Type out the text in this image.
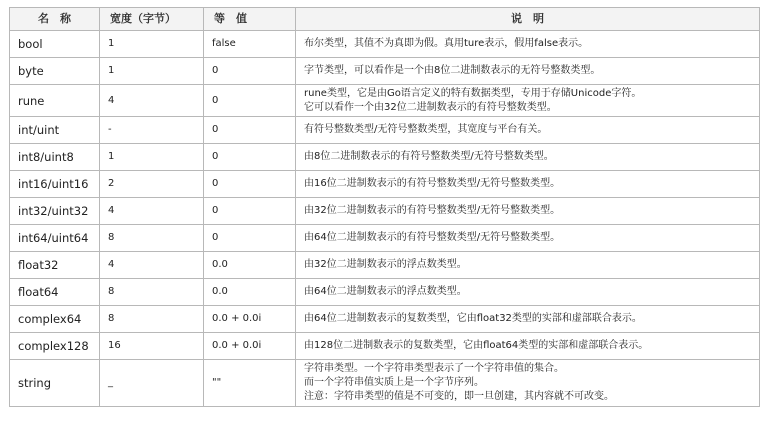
名　称	宽度（字节）	等　值	说　明
bool	1	false	布尔类型，其值不为真即为假。真用ture表示，假用false表示。

byte	1	0	字节类型，可以看作是一个由8位二进制数表示的无符号整数类型。

rune	4	0	rune类型，它是由Go语言定义的特有数据类型，专用于存储Unicode字符。
它可以看作一个由32位二进制数表示的有符号整数类型。

int/uint	-	0	有符号整数类型/无符号整数类型，其宽度与平台有关。

int8/uint8	1	0	由8位二进制数表示的有符号整数类型/无符号整数类型。

int16/uint16	2	0	由16位二进制数表示的有符号整数类型/无符号整数类型。

int32/uint32	4	0	由32位二进制数表示的有符号整数类型/无符号整数类型。

int64/uint64	8	0	由64位二进制数表示的有符号整数类型/无符号整数类型。

float32	4	0.0	由32位二进制数表示的浮点数类型。

float64	8	0.0	由64位二进制数表示的浮点数类型。

complex64	8	0.0 + 0.0i	由64位二进制数表示的复数类型，它由float32类型的实部和虚部联合表示。

complex128	16	0.0 + 0.0i	由128位二进制数表示的复数类型，它由float64类型的实部和虚部联合表示。

string	_	""	字符串类型。一个字符串类型表示了一个字符串值的集合。
而一个字符串值实质上是一个字节序列。
注意：字符串类型的值是不可变的，即一旦创建，其内容就不可改变。
